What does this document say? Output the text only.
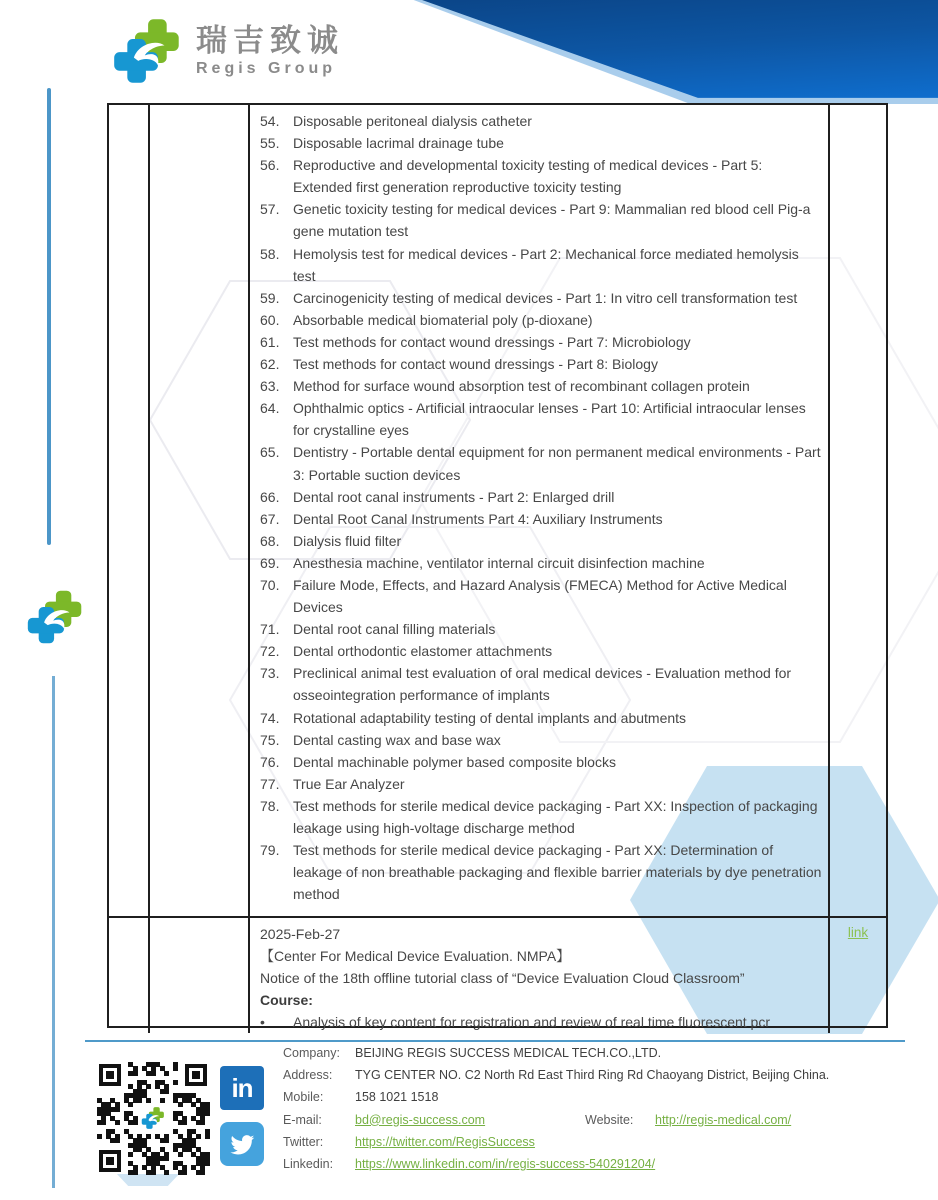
瑞吉致诚
Regis Group
54. Disposable peritoneal dialysis catheter
55. Disposable lacrimal drainage tube
56. Reproductive and developmental toxicity testing of medical devices - Part 5: Extended first generation reproductive toxicity testing
57. Genetic toxicity testing for medical devices - Part 9: Mammalian red blood cell Pig-a gene mutation test
58. Hemolysis test for medical devices - Part 2: Mechanical force mediated hemolysis test
59. Carcinogenicity testing of medical devices - Part 1: In vitro cell transformation test
60. Absorbable medical biomaterial poly (p-dioxane)
61. Test methods for contact wound dressings - Part 7: Microbiology
62. Test methods for contact wound dressings - Part 8: Biology
63. Method for surface wound absorption test of recombinant collagen protein
64. Ophthalmic optics - Artificial intraocular lenses - Part 10: Artificial intraocular lenses for crystalline eyes
65. Dentistry - Portable dental equipment for non permanent medical environments - Part 3: Portable suction devices
66. Dental root canal instruments - Part 2: Enlarged drill
67. Dental Root Canal Instruments Part 4: Auxiliary Instruments
68. Dialysis fluid filter
69. Anesthesia machine, ventilator internal circuit disinfection machine
70. Failure Mode, Effects, and Hazard Analysis (FMECA) Method for Active Medical Devices
71. Dental root canal filling materials
72. Dental orthodontic elastomer attachments
73. Preclinical animal test evaluation of oral medical devices - Evaluation method for osseointegration performance of implants
74. Rotational adaptability testing of dental implants and abutments
75. Dental casting wax and base wax
76. Dental machinable polymer based composite blocks
77. True Ear Analyzer
78. Test methods for sterile medical device packaging - Part XX: Inspection of packaging leakage using high-voltage discharge method
79. Test methods for sterile medical device packaging - Part XX: Determination of leakage of non breathable packaging and flexible barrier materials by dye penetration method
2025-Feb-27
【Center For Medical Device Evaluation. NMPA】
Notice of the 18th offline tutorial class of “Device Evaluation Cloud Classroom”
Course:
•	Analysis of key content for registration and review of real time fluorescent pcr
link
in
Company: BEIJING REGIS SUCCESS MEDICAL TECH.CO.,LTD.
Address: TYG CENTER NO. C2 North Rd East Third Ring Rd Chaoyang District, Beijing China.
Mobile:	158 1021 1518
E-mail:	bd@regis-success.com	Website: http://regis-medical.com/
Twitter:	https://twitter.com/RegisSuccess
Linkedin: https://www.linkedin.com/in/regis-success-540291204/
